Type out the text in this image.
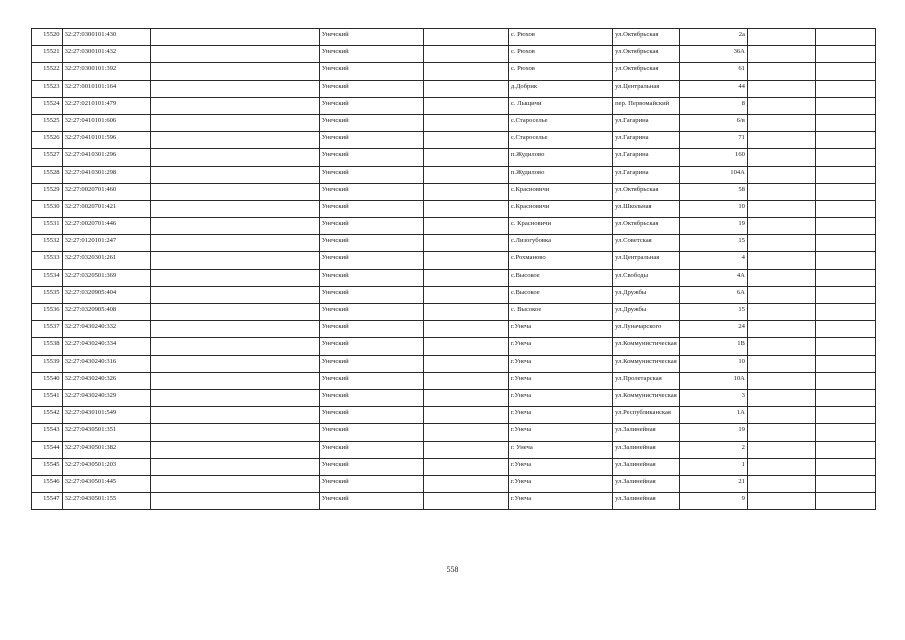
15520	32:27:0300101:430		Унечский		с. Рюхов	ул.Октябрьская	2а		
15521	32:27:0300101:432		Унечский		с. Рюхов	ул.Октябрьская	36А		
15522	32:27:0300101:392		Унечский		с. Рюхов	ул.Октябрьская	61		
15523	32:27:0010101:164		Унечский		д.Добрик	ул.Центральная	44		
15524	32:27:0210101:479		Унечский		с. Лыщичи	пер. Первомайский	8		
15525	32:27:0410101:606		Унечский		с.Староселье	ул.Гагарина	6/в		
15526	32:27:0410101:596		Унечский		с.Староселье	ул.Гагарина	71		
15527	32:27:0410301:296		Унечский		п.Жудилово	ул.Гагарина	160		
15528	32:27:0410301:298		Унечский		п.Жудилово	ул.Гагарина	104А		
15529	32:27:0020701:460		Унечский		с.Красновичи	ул.Октябрьская	58		
15530	32:27:0020701:421		Унечский		с.Красновичи	ул.Школьная	10		
15531	32:27:0020701:446		Унечский		с. Красновичи	ул.Октябрьская	19		
15532	32:27:0120101:247		Унечский		с.Лизогубовка	ул.Советская	15		
15533	32:27:0320301:261		Унечский		с.Рохманово	ул.Центральная	4		
15534	32:27:0320501:369		Унечский		с.Высокое	ул.Свободы	4А		
15535	32:27:0320905:404		Унечский		с.Высокое	ул.Дружбы	6А		
15536	32:27:0320905:408		Унечский		с. Высокое	ул.Дружбы	15		
15537	32:27:0430240:332		Унечский		г.Унеча	ул.Луначарского	24		
15538	32:27:0430240:334		Унечский		г.Унеча	ул.Коммунистическая	1В		
15539	32:27:0430240:316		Унечский		г.Унеча	ул.Коммунистическая	10		
15540	32:27:0430240:326		Унечский		г.Унеча	ул.Пролетарская	10А		
15541	32:27:0430240:329		Унечский		г.Унеча	ул.Коммунистическая	3		
15542	32:27:0430101:549		Унечский		г.Унеча	ул.Республиканская	1А		
15543	32:27:0430501:351		Унечский		г.Унеча	ул.Залинейная	19		
15544	32:27:0430501:382		Унечский		г. Унеча	ул.Залинейная	2		
15545	32:27:0430501:203		Унечский		г.Унеча	ул.Залинейная	1		
15546	32:27:0430501:445		Унечский		г.Унеча	ул.Залинейная	21		
15547	32:27:0430501:155		Унечский		г.Унеча	ул.Залинейная	9		
558
